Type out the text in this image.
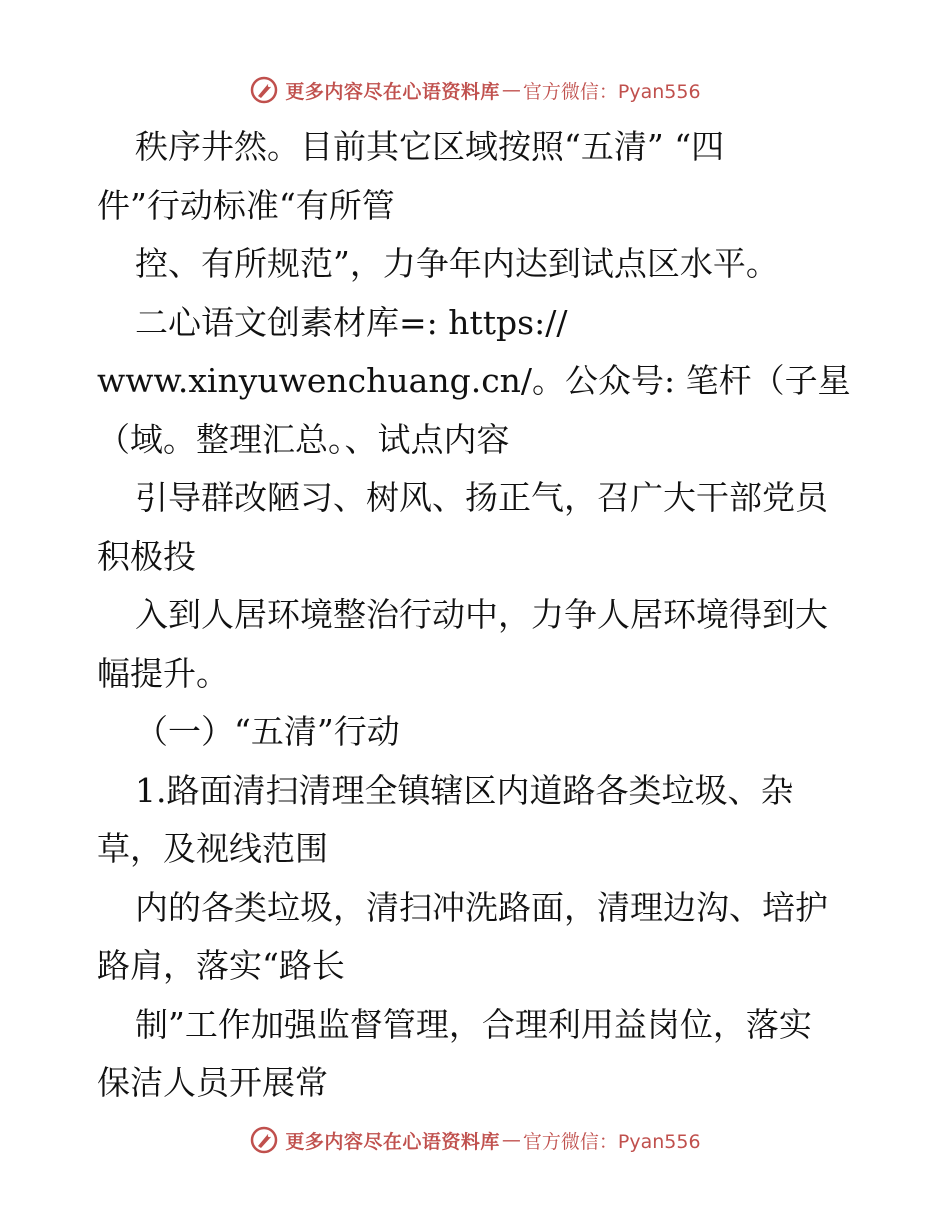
更多内容尽在心语资料库 — 官方微信：Pyan556
秩序井然。目前其它区域按照“五清” “四
件”行动标准“有所管
控、有所规范”，力争年内达到试点区水平。
二心语文创素材库=: https://
www.xinyuwenchuang.cn/。公众号: 笔杆（子星
（域。整理汇总。、试点内容
引导群改陋习、树风、扬正气，召广大干部党员
积极投
入到人居环境整治行动中，力争人居环境得到大
幅提升。
（一）“五清”行动
1.路面清扫清理全镇辖区内道路各类垃圾、杂
草，及视线范围
内的各类垃圾，清扫冲洗路面，清理边沟、培护
路肩，落实“路长
制”工作加强监督管理，合理利用益岗位，落实
保洁人员开展常
更多内容尽在心语资料库 — 官方微信：Pyan556
